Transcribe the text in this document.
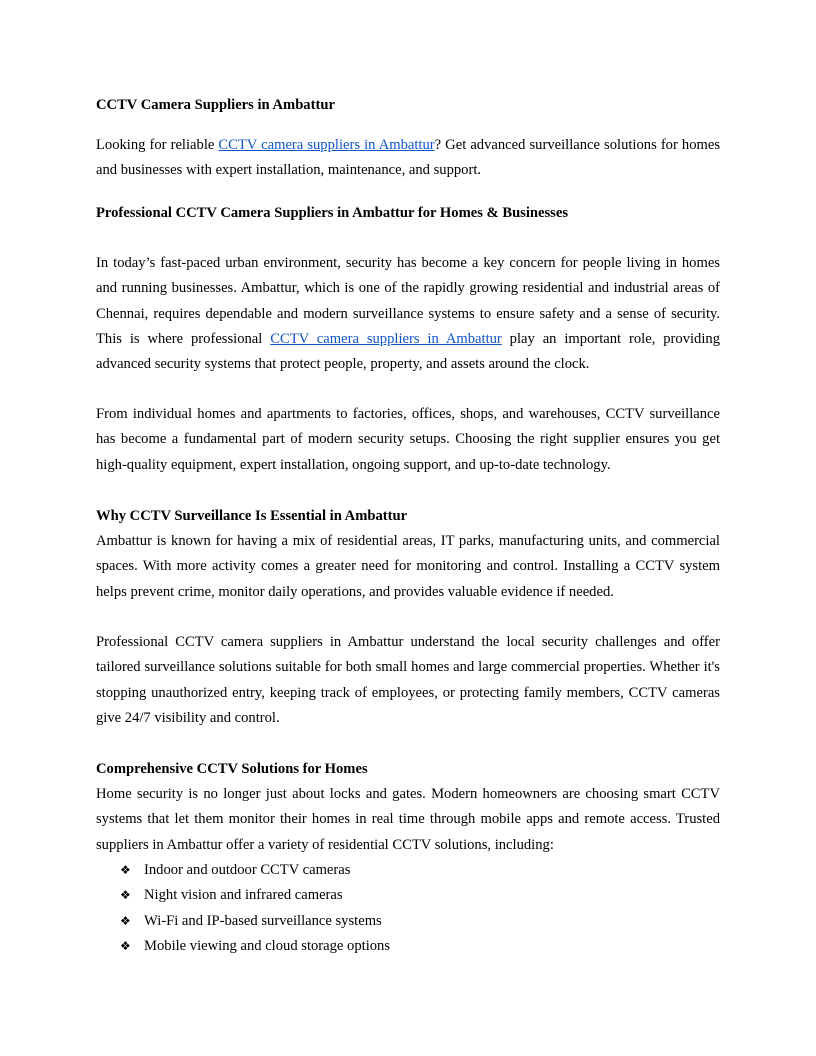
CCTV Camera Suppliers in Ambattur

Looking for reliable CCTV camera suppliers in Ambattur? Get advanced surveillance solutions for homes and businesses with expert installation, maintenance, and support.

Professional CCTV Camera Suppliers in Ambattur for Homes & Businesses

In today’s fast-paced urban environment, security has become a key concern for people living in homes and running businesses. Ambattur, which is one of the rapidly growing residential and industrial areas of Chennai, requires dependable and modern surveillance systems to ensure safety and a sense of security. This is where professional CCTV camera suppliers in Ambattur play an important role, providing advanced security systems that protect people, property, and assets around the clock.

From individual homes and apartments to factories, offices, shops, and warehouses, CCTV surveillance has become a fundamental part of modern security setups. Choosing the right supplier ensures you get high-quality equipment, expert installation, ongoing support, and up-to-date technology.

Why CCTV Surveillance Is Essential in Ambattur

Ambattur is known for having a mix of residential areas, IT parks, manufacturing units, and commercial spaces. With more activity comes a greater need for monitoring and control. Installing a CCTV system helps prevent crime, monitor daily operations, and provides valuable evidence if needed.

Professional CCTV camera suppliers in Ambattur understand the local security challenges and offer tailored surveillance solutions suitable for both small homes and large commercial properties. Whether it's stopping unauthorized entry, keeping track of employees, or protecting family members, CCTV cameras give 24/7 visibility and control.

Comprehensive CCTV Solutions for Homes

Home security is no longer just about locks and gates. Modern homeowners are choosing smart CCTV systems that let them monitor their homes in real time through mobile apps and remote access. Trusted suppliers in Ambattur offer a variety of residential CCTV solutions, including:

❖ Indoor and outdoor CCTV cameras
❖ Night vision and infrared cameras
❖ Wi-Fi and IP-based surveillance systems
❖ Mobile viewing and cloud storage options
